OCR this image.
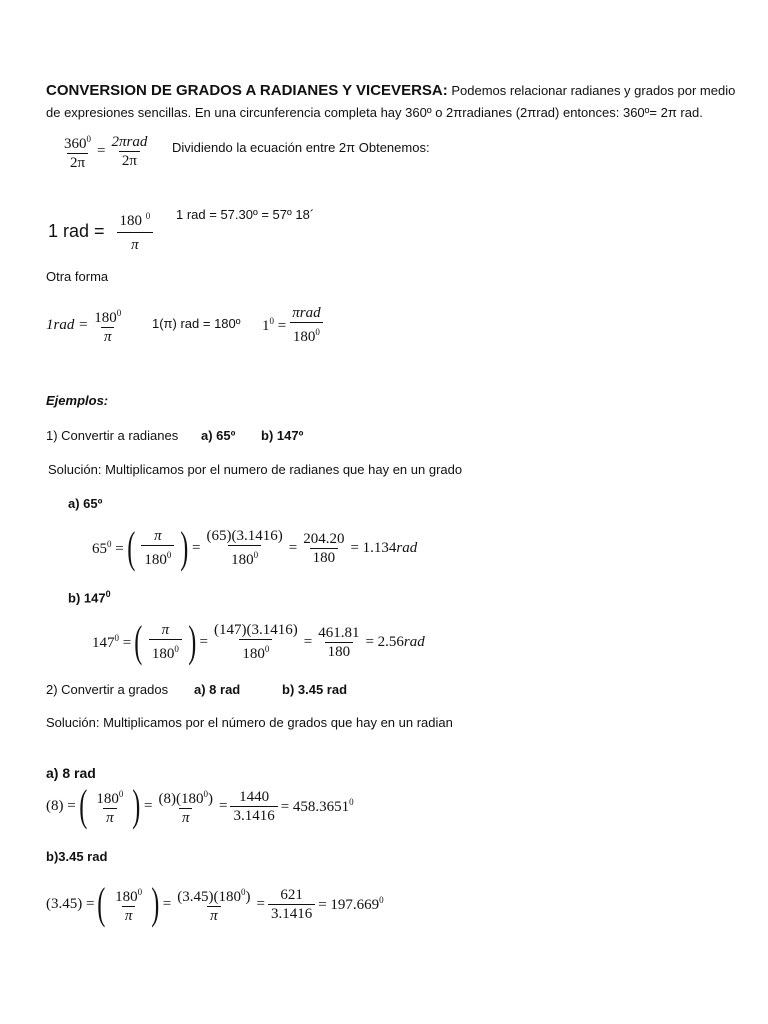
CONVERSION DE GRADOS A RADIANES Y VICEVERSA: Podemos relacionar radianes y grados por medio
de expresiones sencillas. En una circunferencia completa hay 360º o 2πradianes (2πrad) entonces: 360º= 2π rad.
$\frac{360^0}{2\pi} = \frac{\text{2πrad}}{2\pi}$ Dividiendo la ecuación entre 2π Obtenemos:
1 rad = $\frac{180 ^0}{\pi} 1$ rad = 57.30º = 57º 18´
Otra forma
$1rad = \frac{180^0}{\pi} 1(\pi)$ rad = 180º $1^0 = \frac{\text{πrad}}{180^0}$
Ejemplos:
1) Convertir a radianes a) 65º b) 147º
Solución: Multiplicamos por el numero de radianes que hay en un grado
a) 65º
$65^0$ = ( $\frac{\pi}{180^0}$ ) = $\frac{(65)(3.1416)}{180^0} = \frac{204.20}{180} = 1.134$ rad
b) $147^0$
$147^0$ = ( $\frac{\pi}{180^0}$ ) = $\frac{(147)(3.1416)}{180^0} = \frac{461.81}{180} = 2.56$ rad
2) Convertir a grados a) 8 rad	b) 3.45 rad
Solución: Multiplicamos por el número de grados que hay en un radian
a) 8 rad
(8) = ( $\frac{180^0}{\pi}$ ) = $\frac{(8)(180^0)}{\pi} = \frac{1440}{3.1416} = 458.3651^0$
b)3.45 rad
(3.45) = ( $\frac{180^0}{\pi}$ ) = $\frac{(3.45)(180^0)}{\pi} = \frac{621}{3.1416} = 197.669^0$
